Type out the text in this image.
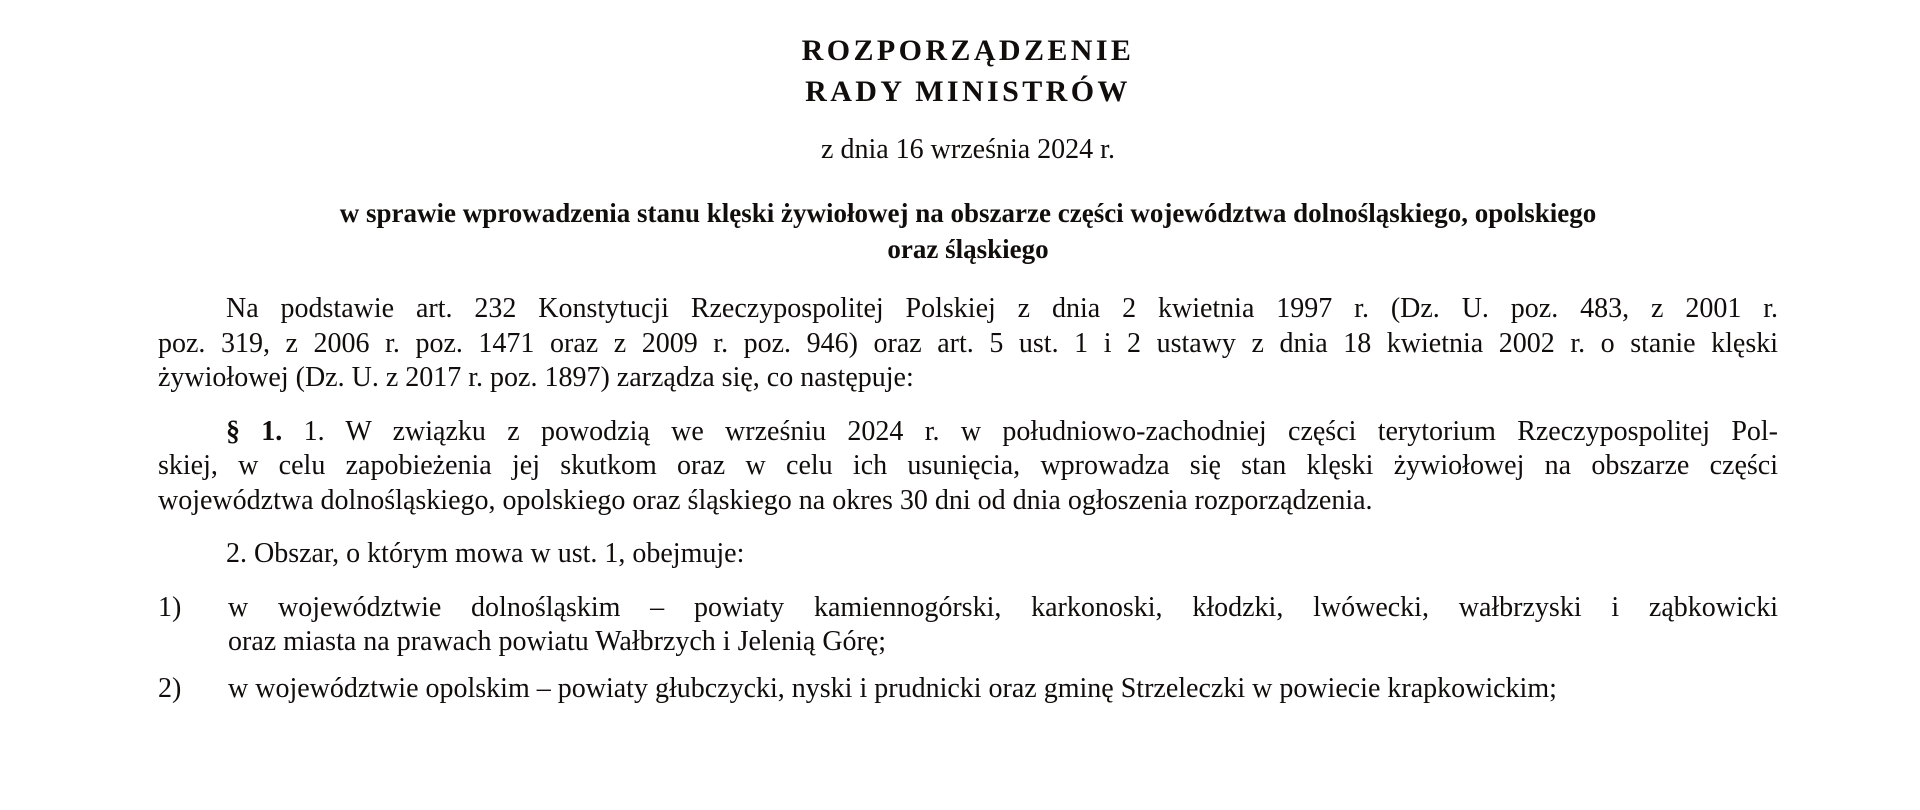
ROZPORZĄDZENIE
RADY MINISTRÓW

z dnia 16 września 2024 r.

w sprawie wprowadzenia stanu klęski żywiołowej na obszarze części województwa dolnośląskiego, opolskiego
oraz śląskiego

Na podstawie art. 232 Konstytucji Rzeczypospolitej Polskiej z dnia 2 kwietnia 1997 r. (Dz. U. poz. 483, z 2001 r.
poz. 319, z 2006 r. poz. 1471 oraz z 2009 r. poz. 946) oraz art. 5 ust. 1 i 2 ustawy z dnia 18 kwietnia 2002 r. o stanie klęski
żywiołowej (Dz. U. z 2017 r. poz. 1897) zarządza się, co następuje:

§ 1. 1. W związku z powodzią we wrześniu 2024 r. w południowo-zachodniej części terytorium Rzeczypospolitej Pol-
skiej, w celu zapobieżenia jej skutkom oraz w celu ich usunięcia, wprowadza się stan klęski żywiołowej na obszarze części
województwa dolnośląskiego, opolskiego oraz śląskiego na okres 30 dni od dnia ogłoszenia rozporządzenia.

2. Obszar, o którym mowa w ust. 1, obejmuje:

1)	w województwie dolnośląskim – powiaty kamiennogórski, karkonoski, kłodzki, lwówecki, wałbrzyski i ząbkowicki
oraz miasta na prawach powiatu Wałbrzych i Jelenią Górę;
2)	w województwie opolskim – powiaty głubczycki, nyski i prudnicki oraz gminę Strzeleczki w powiecie krapkowickim;
